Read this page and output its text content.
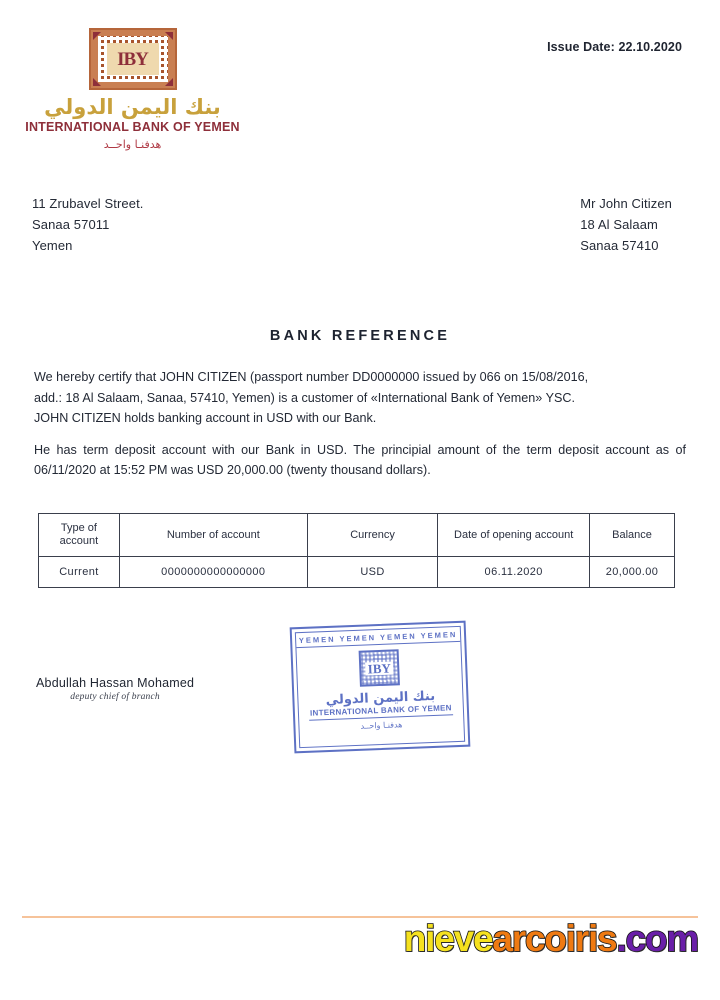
IBY
بنك اليمن الدولي
INTERNATIONAL BANK OF YEMEN
هدفنـا واحــد
Issue Date: 22.10.2020
11 Zrubavel Street.
Sanaa 57011
Yemen
Mr John Citizen
18 Al Salaam
Sanaa 57410
BANK REFERENCE

We hereby certify that JOHN CITIZEN (passport number DD0000000 issued by 066 on 15/08/2016,

add.: 18 Al Salaam, Sanaa, 57410, Yemen) is a customer of «International Bank of Yemen» YSC.

JOHN CITIZEN holds banking account in USD with our Bank.

He has term deposit account with our Bank in USD. The principial amount of the term deposit account as of 06/11/2020 at 15:52 PM was USD 20,000.00 (twenty thousand dollars).

Type of account	Number of account	Currency	Date of opening account	Balance
Current	0000000000000000	USD	06.11.2020	20,000.00
YEMEN YEMEN YEMEN YEMEN
IBY
بنك اليمن الدولي
INTERNATIONAL BANK OF YEMEN
هدفنـا واحــد
Abdullah Hassan Mohamed
deputy chief of branch
nievearcoiris.com
